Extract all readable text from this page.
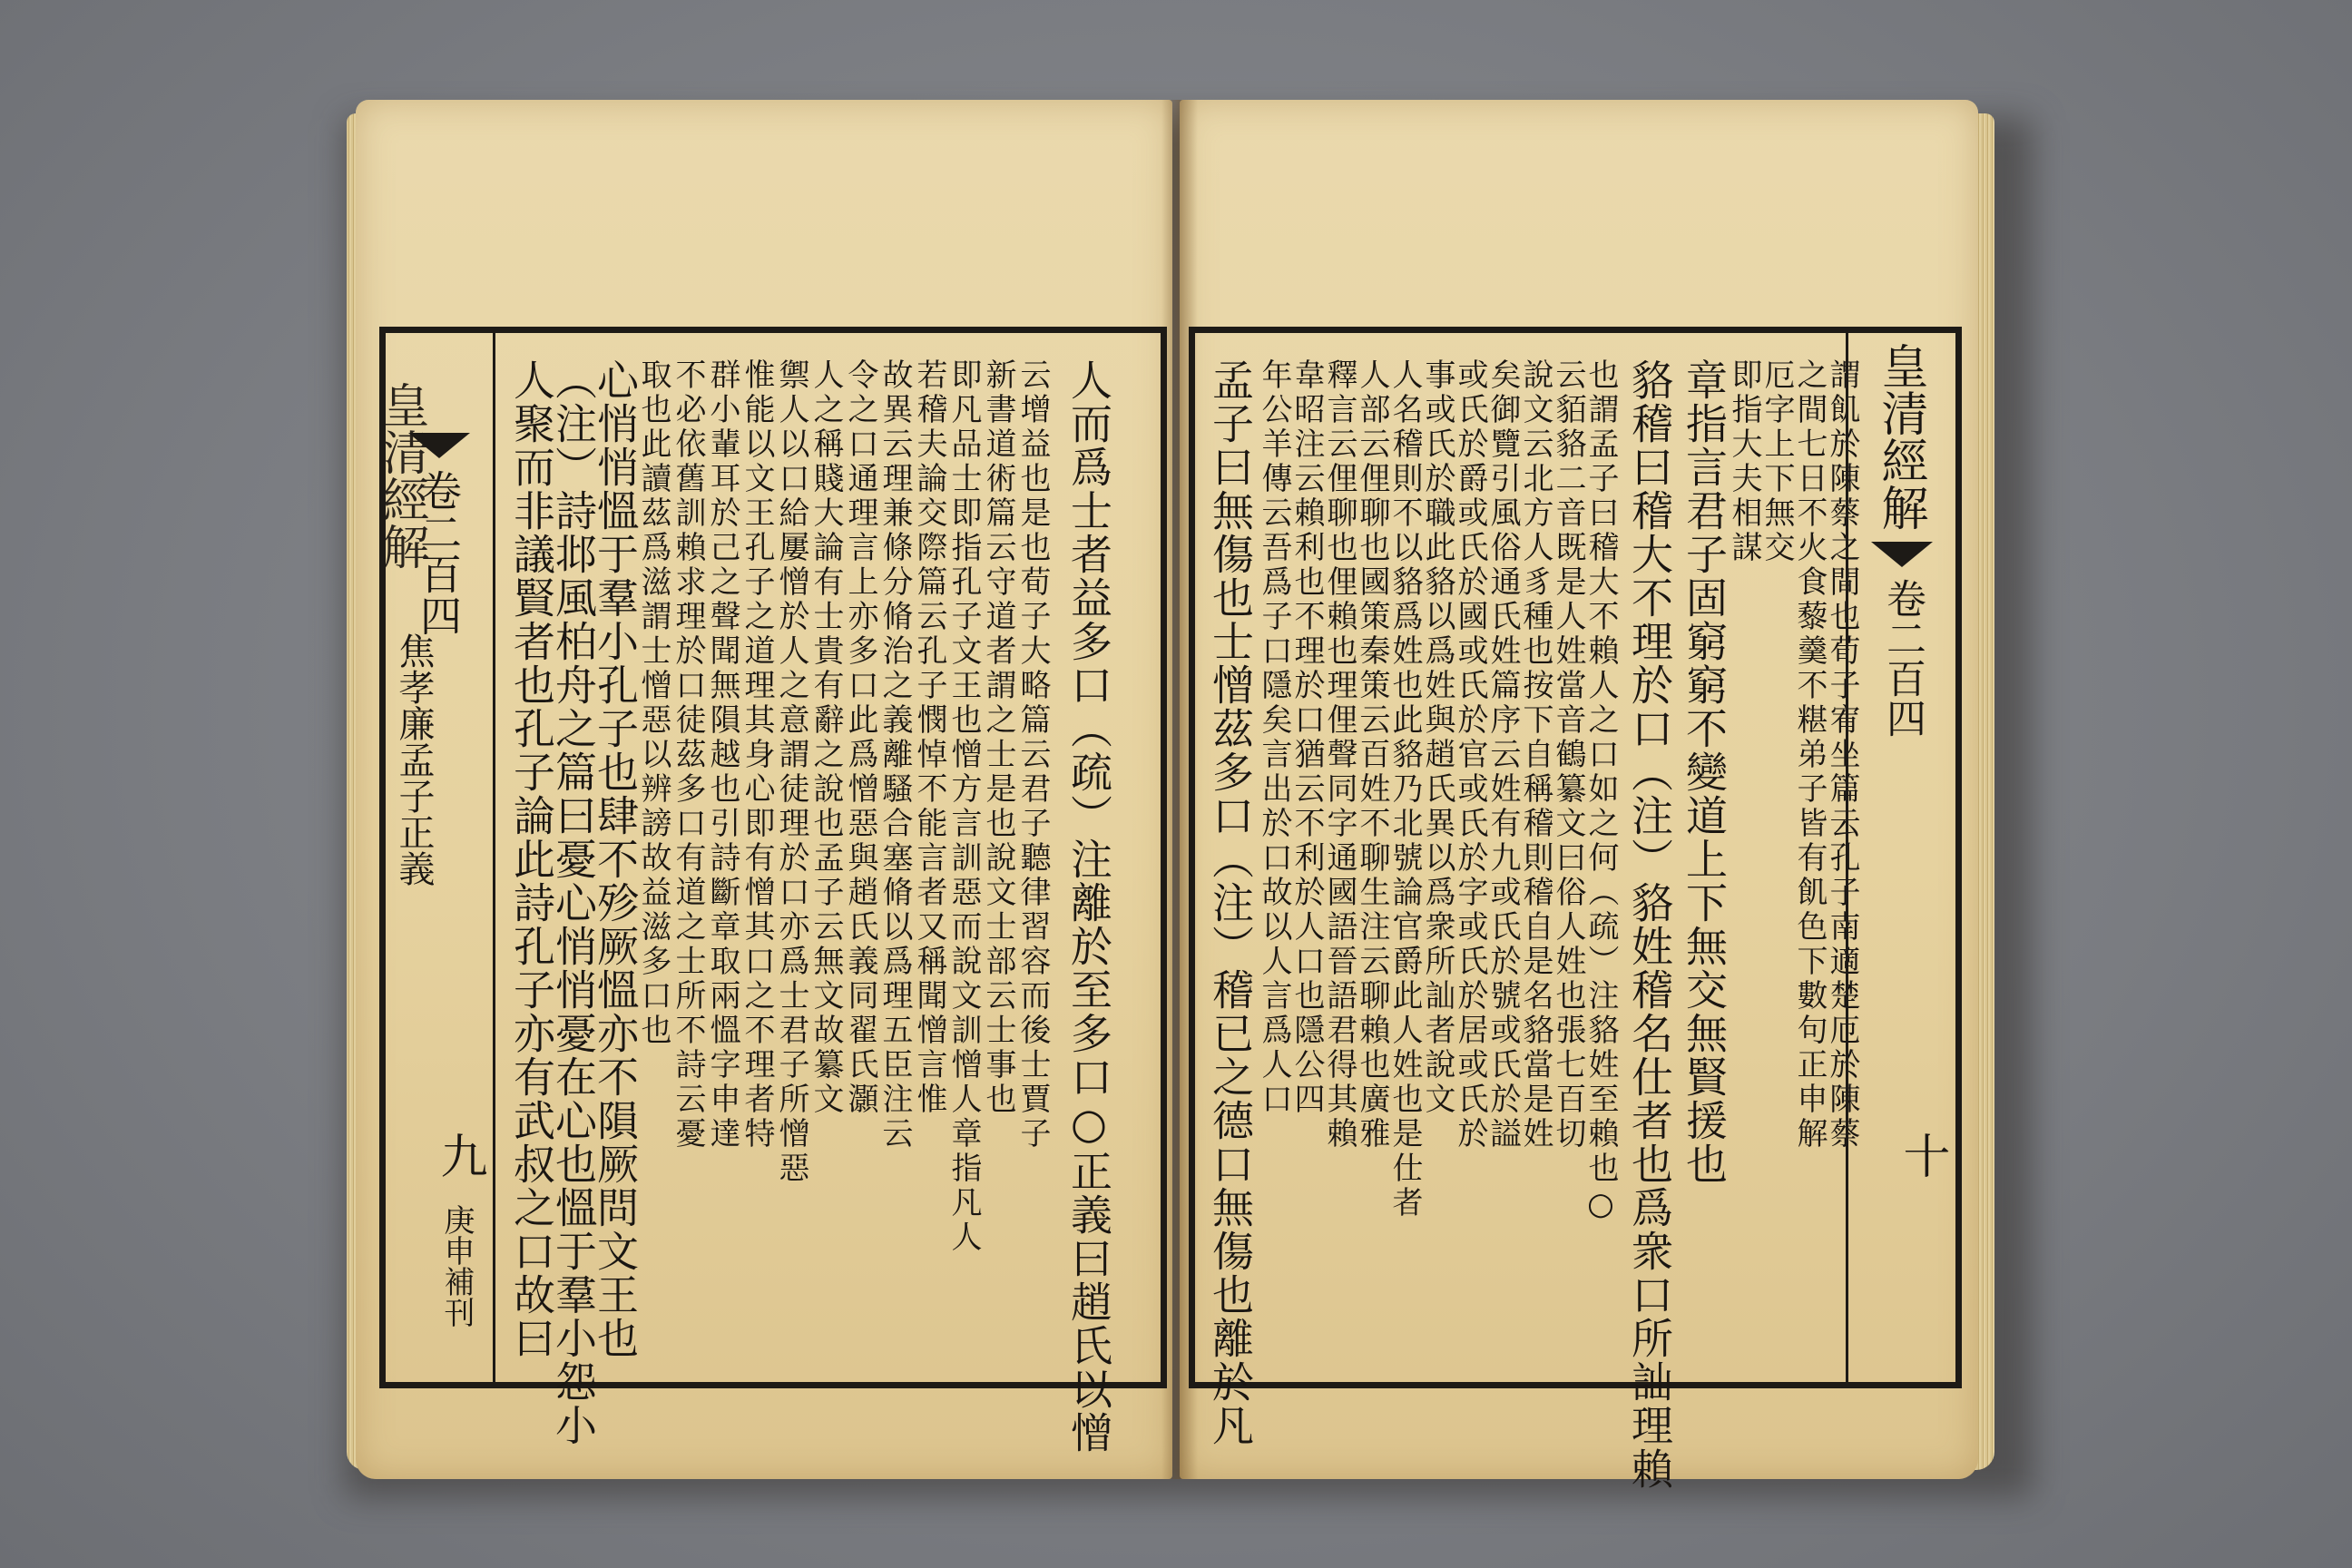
皇清經解
卷二百四
焦孝廉孟子正義
九
庚申補刊 人聚而非議賢者也孔子論此詩孔子亦有武叔之口故曰
（注）詩邶風柏舟之篇曰憂心悄悄憂在心也慍于羣小怨小
心悄悄慍于羣小孔子也肆不殄厥慍亦不隕厥問文王也
取也此讀茲爲滋謂士憎惡以辨謗故益滋多口也
不必依舊訓賴求理於口徒茲多口有道之士所不詩云憂
群小輩耳於己之聲聞無隕越也引詩斷章取兩慍字申達
惟能以文王孔子之道理其身心即有憎其口之不理者特
禦人以口給屢憎於人之意謂徒理於口亦爲士君子所憎惡
人之稱賤大論有士貴有辭之說也孟子云無文故纂文
令之口通理言上亦多口此爲憎惡與趙氏義同翟氏灝
故異云理兼條分脩治之義離騷合塞脩以爲理五臣注云
若稽夫論交際篇云孔子憫悼不能言者又稱聞憎言惟
即凡品士即指孔子文王也憎方言訓惡而說文訓憎人章指凡人
新書道術篇云守道者謂之士是也說文士部云士事也
云增益也是也荀子大略篇云君子聽律習容而後士賈子 人而爲士者益多口（疏）注離於至多口○正義曰趙氏以憎 孟子曰無傷也士憎茲多口（注）稽已之德口無傷也離於凡 年公羊傳云吾爲子口隱矣言出於口故以人言爲人口
韋昭注云賴利也不理於口猶云不利於人口也隱公四
釋言云俚聊也俚賴也理俚聲同字通國語晉語君得其賴
人部云俚聊也國策秦策云百姓不聊生注云聊賴也廣雅
人名稽則不以貉爲姓也此貉乃北號論官爵此人姓也是仕者
事或氏於職此貉以爲姓與趙氏異以爲衆所訕者說文
或氏於爵或氏於國或氏於官或氏於字或氏於居或氏於
矣御覽引風俗通氏姓篇序云姓有九或氏於號或氏於謚
說文云北方人豸種也按下自稱稽則稽自是名貉當是姓
云貊貉二音既是人姓當音鶴纂文曰俗人姓也張七百切
也謂孟子曰稽大不賴人之口如之何（疏）注貉姓至賴也○ 貉稽曰稽大不理於口（注）貉姓稽名仕者也爲衆口所訕理賴 章指言君子固窮窮不變道上下無交無賢援也
即指大夫相謀
厄字上下無交
之間七日不火食藜羹不糂弟子皆有飢色下數句正申解
謂飢於陳蔡之間也荀子宥坐篇云孔子南適楚厄於陳蔡 皇清經解
卷二百四
十
